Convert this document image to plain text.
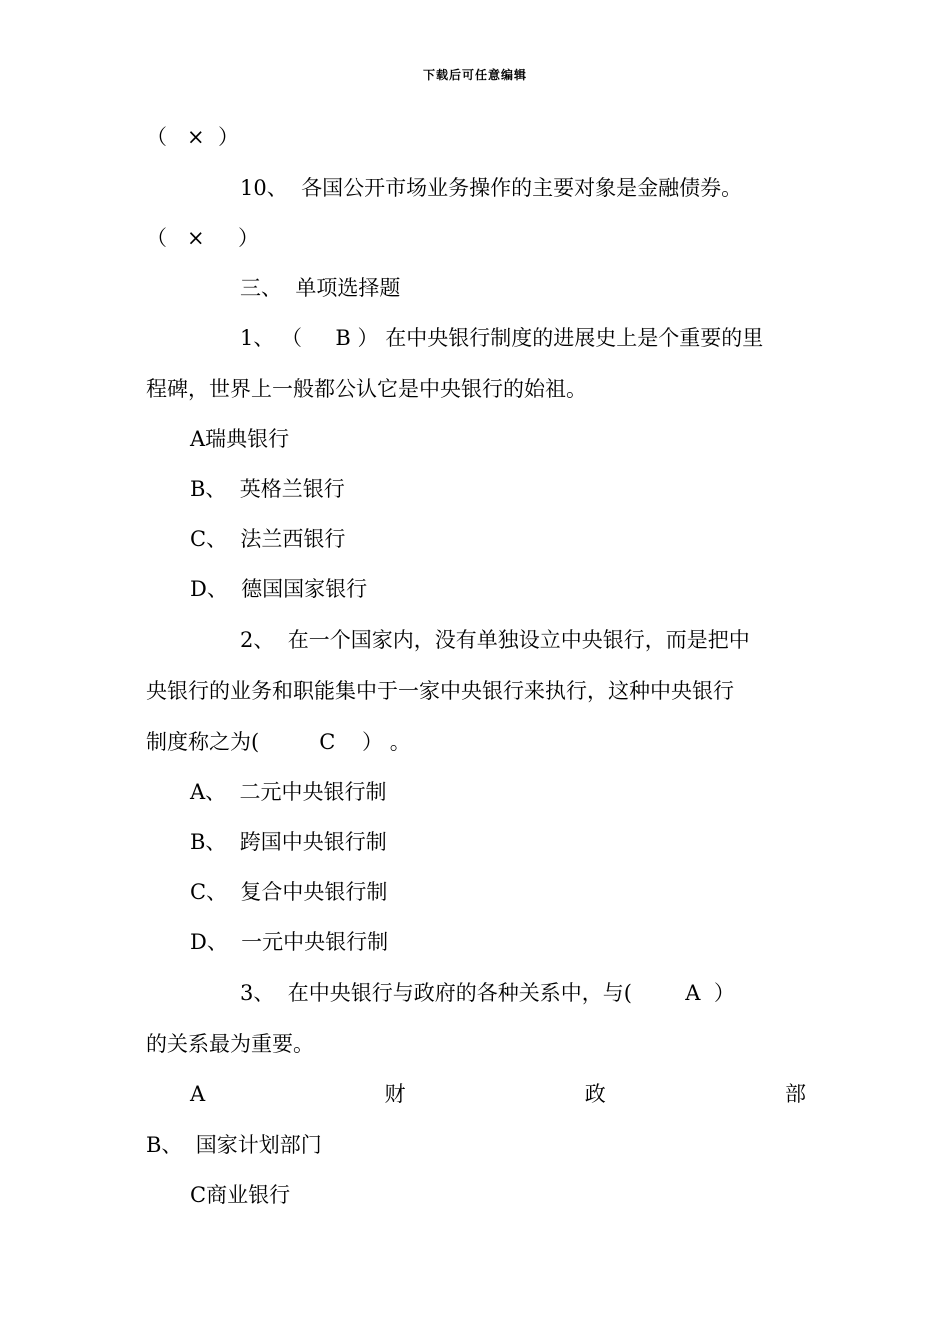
下载后可任意编辑
（   ×  ）
10、  各国公开市场业务操作的主要对象是金融债券。
（   ×     ）
三、  单项选择题
1、 （     B ） 在中央银行制度的进展史上是个重要的里
程碑，世界上一般都公认它是中央银行的始祖。
A瑞典银行
B、  英格兰银行
C、  法兰西银行
D、  德国国家银行
2、  在一个国家内，没有单独设立中央银行，而是把中
央银行的业务和职能集中于一家中央银行来执行，这种中央银行
制度称之为(         C    ） 。
A、  二元中央银行制
B、  跨国中央银行制
C、  复合中央银行制
D、  一元中央银行制
3、  在中央银行与政府的各种关系中，与(        A  ）
的关系最为重要。
A	财	政	部
B、  国家计划部门
C商业银行
